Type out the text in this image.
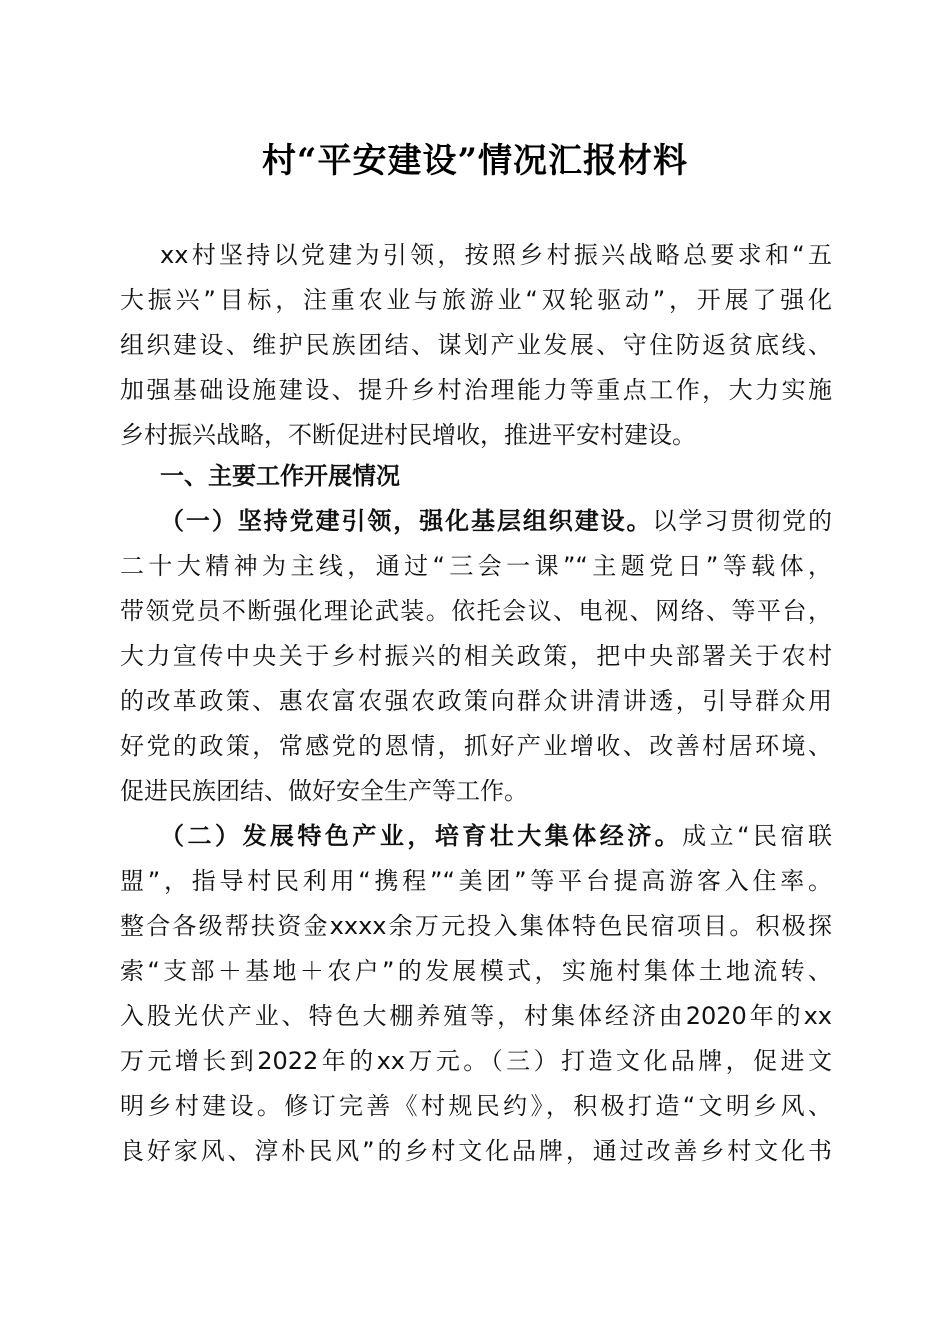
村“平安建设”情况汇报材料
xx村坚持以党建为引领，按照乡村振兴战略总要求和“五
大振兴”目标，注重农业与旅游业“双轮驱动”，开展了强化
组织建设、维护民族团结、谋划产业发展、守住防返贫底线、
加强基础设施建设、提升乡村治理能力等重点工作，大力实施
乡村振兴战略，不断促进村民增收，推进平安村建设。
一、主要工作开展情况
（一）坚持党建引领，强化基层组织建设。以学习贯彻党的
二十大精神为主线，通过“三会一课”“主题党日”等载体，
带领党员不断强化理论武装。依托会议、电视、网络、等平台，
大力宣传中央关于乡村振兴的相关政策，把中央部署关于农村
的改革政策、惠农富农强农政策向群众讲清讲透，引导群众用
好党的政策，常感党的恩情，抓好产业增收、改善村居环境、
促进民族团结、做好安全生产等工作。
（二）发展特色产业，培育壮大集体经济。成立“民宿联
盟”，指导村民利用“携程”“美团”等平台提高游客入住率。
整合各级帮扶资金xxxx余万元投入集体特色民宿项目。积极探
索“支部＋基地＋农户”的发展模式，实施村集体土地流转、
入股光伏产业、特色大棚养殖等，村集体经济由2020年的xx
万元增长到2022年的xx万元。（三）打造文化品牌，促进文
明乡村建设。修订完善《村规民约》，积极打造“文明乡风、
良好家风、淳朴民风”的乡村文化品牌，通过改善乡村文化书
